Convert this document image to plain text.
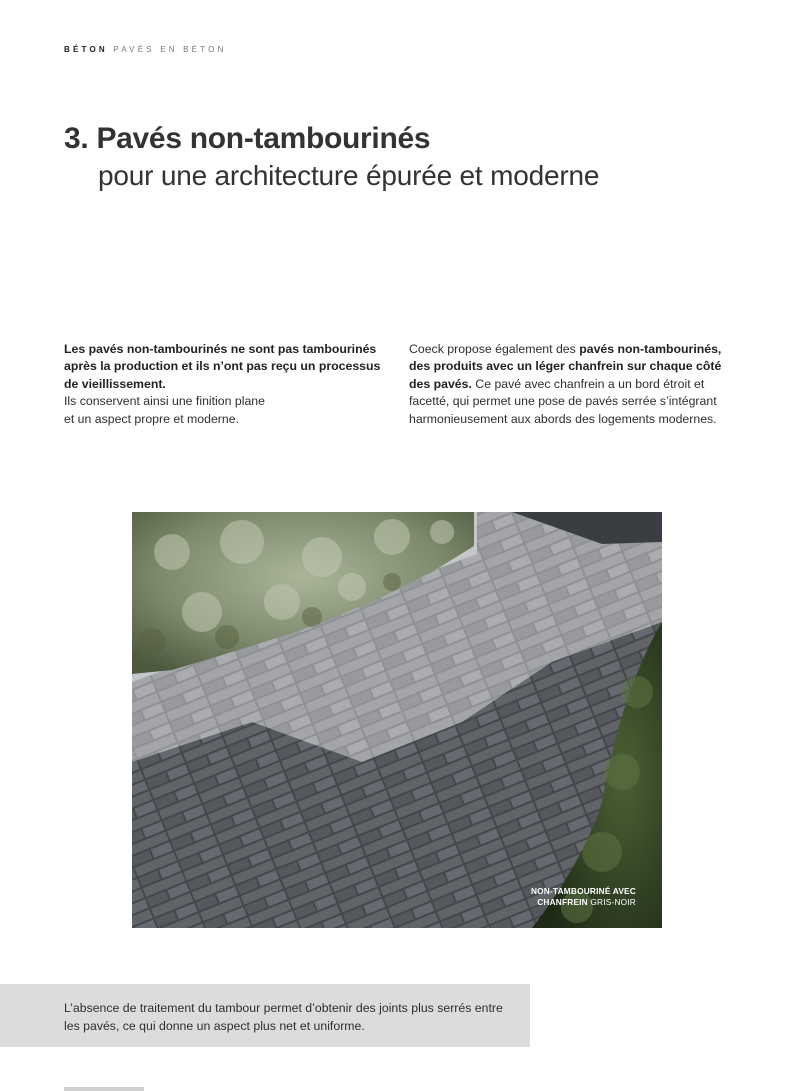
BÉTON PAVÉS EN BÉTON
3. Pavés non-tambourinés
pour une architecture épurée et moderne
Les pavés non-tambourinés ne sont pas tambourinés après la production et ils n’ont pas reçu un processus de vieillissement.
Ils conservent ainsi une finition plane
et un aspect propre et moderne.
Coeck propose également des pavés non-tambourinés, des produits avec un léger chanfrein sur chaque côté des pavés. Ce pavé avec chanfrein a un bord étroit et facetté, qui permet une pose de pavés serrée s’intégrant harmonieusement aux abords des logements modernes.
NON-TAMBOURINÉ AVEC
CHANFREIN GRIS-NOIR
L’absence de traitement du tambour permet d’obtenir des joints plus serrés entre les pavés, ce qui donne un aspect plus net et uniforme.
